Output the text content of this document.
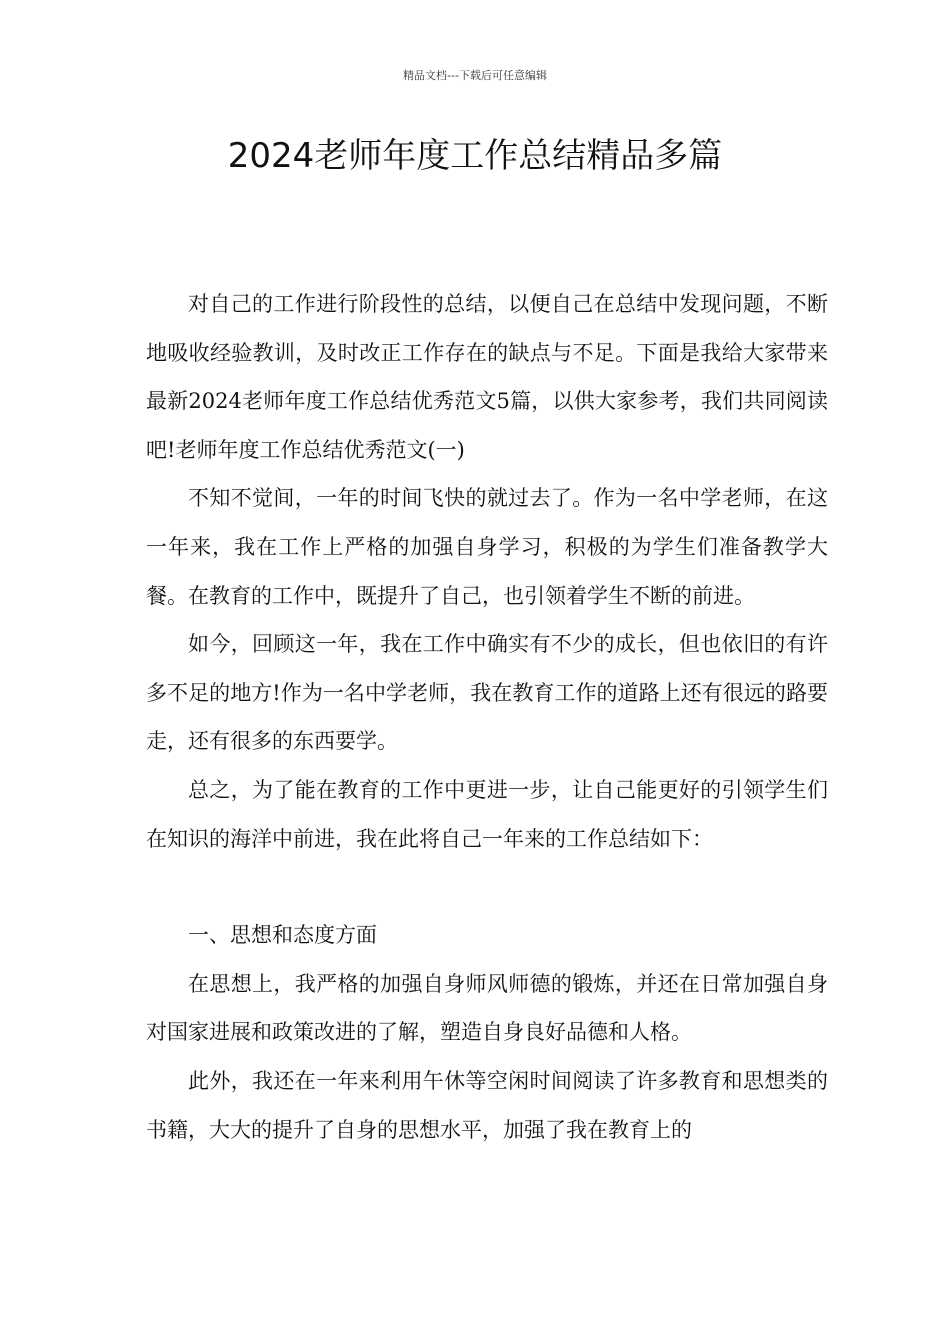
精品文档---下载后可任意编辑
2024老师年度工作总结精品多篇

对自己的工作进行阶段性的总结，以便自己在总结中发现问题，不断地吸收经验教训，及时改正工作存在的缺点与不足。下面是我给大家带来最新2024老师年度工作总结优秀范文5篇，以供大家参考，我们共同阅读吧!老师年度工作总结优秀范文(一)

不知不觉间，一年的时间飞快的就过去了。作为一名中学老师，在这一年来，我在工作上严格的加强自身学习，积极的为学生们准备教学大餐。在教育的工作中，既提升了自己，也引领着学生不断的前进。

如今，回顾这一年，我在工作中确实有不少的成长，但也依旧的有许多不足的地方!作为一名中学老师，我在教育工作的道路上还有很远的路要走，还有很多的东西要学。

总之，为了能在教育的工作中更进一步，让自己能更好的引领学生们在知识的海洋中前进，我在此将自己一年来的工作总结如下：

一、思想和态度方面

在思想上，我严格的加强自身师风师德的锻炼，并还在日常加强自身对国家进展和政策改进的了解，塑造自身良好品德和人格。

此外，我还在一年来利用午休等空闲时间阅读了许多教育和思想类的书籍，大大的提升了自身的思想水平，加强了我在教育上的
